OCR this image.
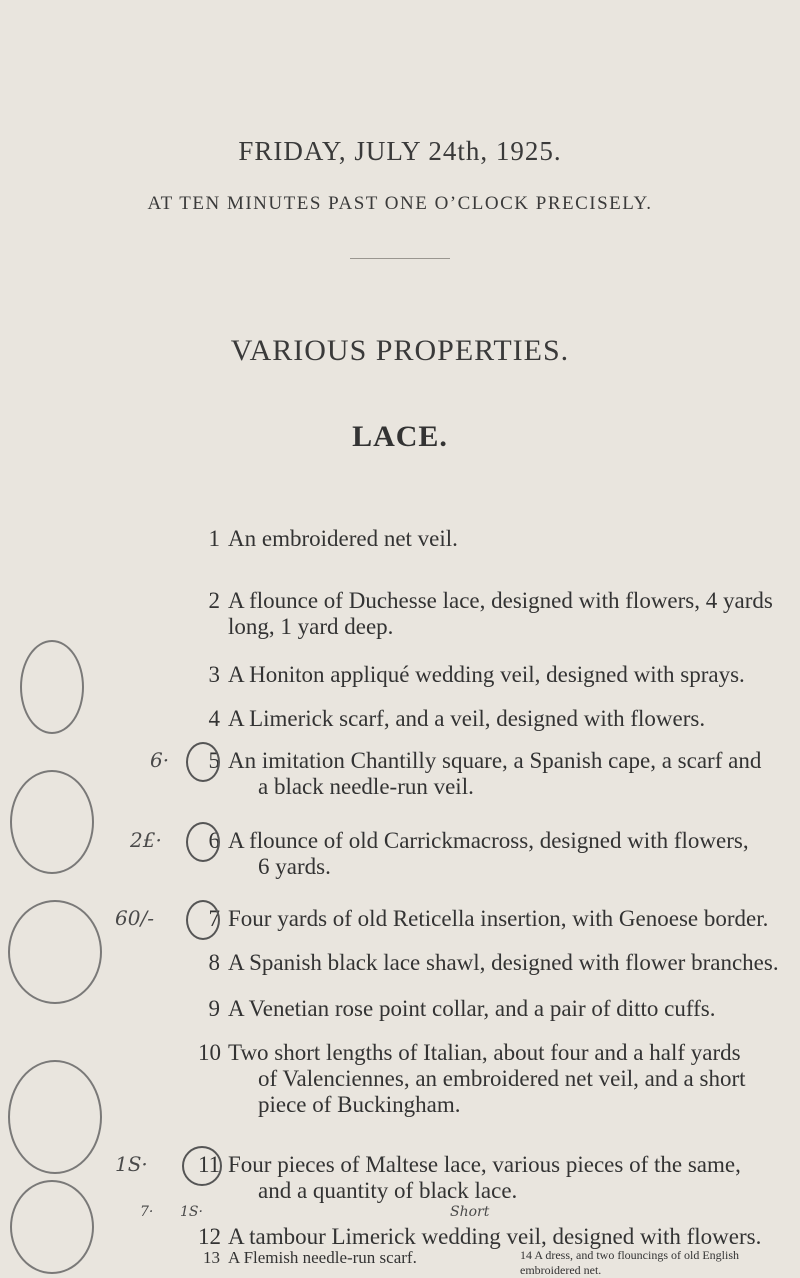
FRIDAY, JULY 24th, 1925.
AT TEN MINUTES PAST ONE O’CLOCK PRECISELY.
VARIOUS PROPERTIES.
LACE.
1 An embroidered net veil.
2 A flounce of Duchesse lace, designed with flowers, 4 yards
long, 1 yard deep.
3 A Honiton appliqué wedding veil, designed with sprays.
4 A Limerick scarf, and a veil, designed with flowers.
5 An imitation Chantilly square, a Spanish cape, a scarf and
a black needle-run veil.
6 A flounce of old Carrickmacross, designed with flowers,
6 yards.
7 Four yards of old Reticella insertion, with Genoese border.
8 A Spanish black lace shawl, designed with flower branches.
9 A Venetian rose point collar, and a pair of ditto cuffs.
10 Two short lengths of Italian, about four and a half yards
of Valenciennes, an embroidered net veil, and a short
piece of Buckingham.
11 Four pieces of Maltese lace, various pieces of the same,
and a quantity of black lace.
12 A tambour Limerick wedding veil, designed with flowers.
13 A Flemish needle-run scarf.	14 A dress, and two flouncings of old English embroidered net.
6·
2£·
60/-
1S·
Short
7· 1S·
